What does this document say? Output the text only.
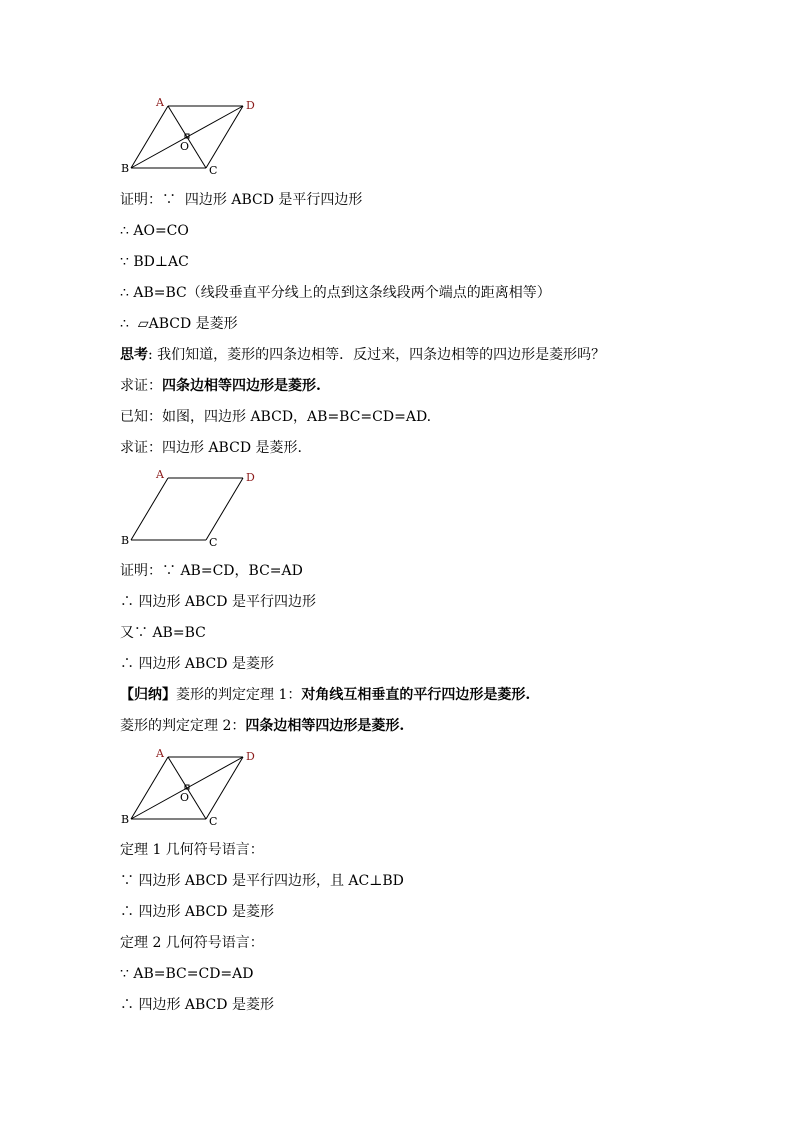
A	D
B	C
O
证明：∵  四边形 ABCD 是平行四边形
∴ AO=CO
∵ BD⊥AC
∴ AB=BC（线段垂直平分线上的点到这条线段两个端点的距离相等）
∴  ▱ABCD 是菱形
思考: 我们知道，菱形的四条边相等．反过来，四条边相等的四边形是菱形吗？
求证：四条边相等四边形是菱形.
已知：如图，四边形 ABCD，AB=BC=CD=AD.
求证：四边形 ABCD 是菱形.
A	D
B	C
证明：∵ AB=CD，BC=AD
∴ 四边形 ABCD 是平行四边形
又∵ AB=BC
∴ 四边形 ABCD 是菱形
【归纳】菱形的判定定理 1：对角线互相垂直的平行四边形是菱形.
菱形的判定定理 2：四条边相等四边形是菱形.
A	D
B	C
O
定理 1 几何符号语言：
∵ 四边形 ABCD 是平行四边形，且 AC⊥BD
∴ 四边形 ABCD 是菱形
定理 2 几何符号语言：
∵ AB=BC=CD=AD
∴ 四边形 ABCD 是菱形
